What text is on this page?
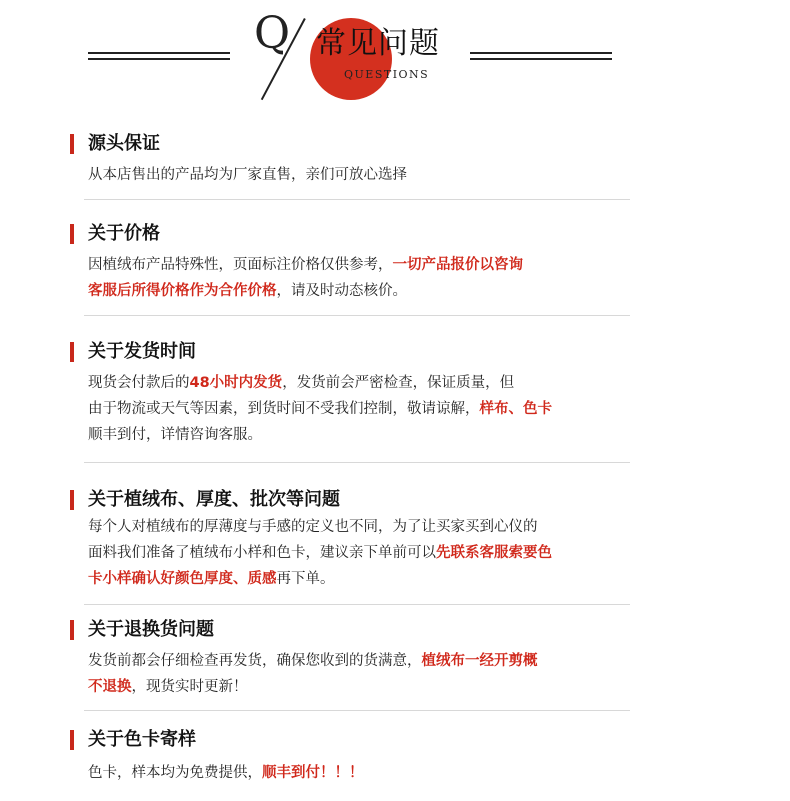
Q 常见问题
QUESTIONS
源头保证
从本店售出的产品均为厂家直售，亲们可放心选择
关于价格
因植绒布产品特殊性，页面标注价格仅供参考，一切产品报价以咨询
客服后所得价格作为合作价格，请及时动态核价。
关于发货时间
现货会付款后的48小时内发货，发货前会严密检查，保证质量，但
由于物流或天气等因素，到货时间不受我们控制，敬请谅解，样布、色卡
顺丰到付，详情咨询客服。
关于植绒布、厚度、批次等问题
每个人对植绒布的厚薄度与手感的定义也不同，为了让买家买到心仪的
面料我们准备了植绒布小样和色卡，建议亲下单前可以先联系客服索要色
卡小样确认好颜色厚度、质感再下单。
关于退换货问题
发货前都会仔细检查再发货，确保您收到的货满意，植绒布一经开剪概
不退换，现货实时更新！
关于色卡寄样
色卡，样本均为免费提供，顺丰到付！！！
